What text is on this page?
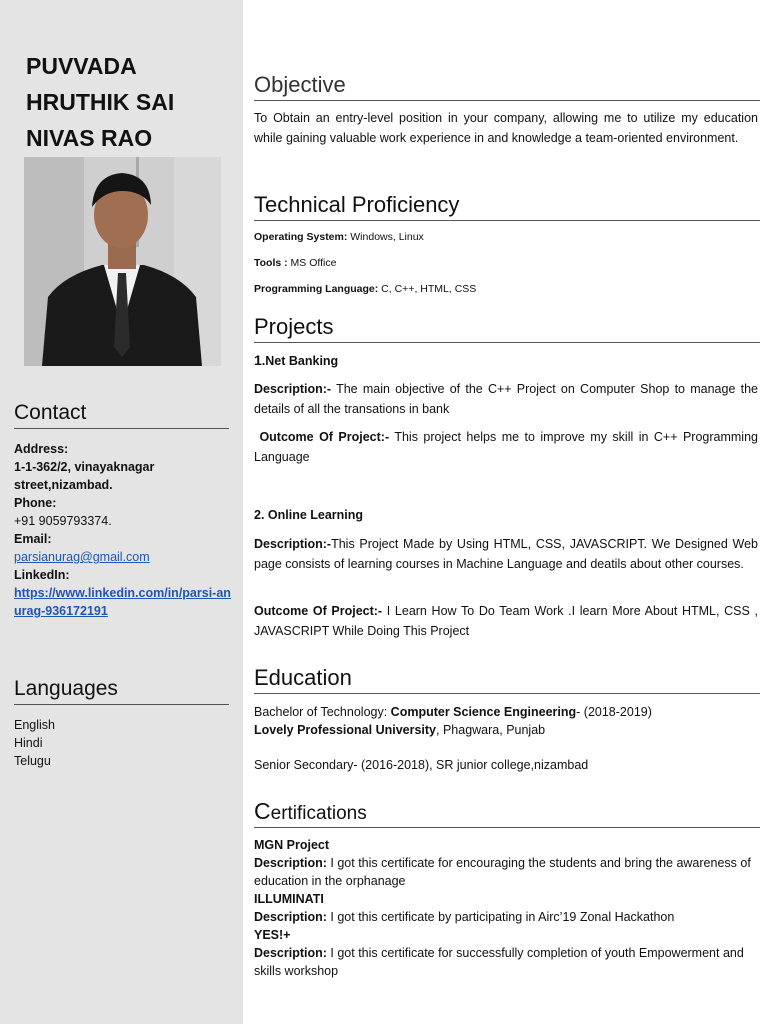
PUVVADA
HRUTHIK SAI
NIVAS RAO
Contact
Address:
1-1-362/2, vinayaknagar
street,nizambad.
Phone:
+91 9059793374.
Email:
parsianurag@gmail.com
LinkedIn:
https://www.linkedin.com/in/parsi-anurag-936172191
Languages
English
Hindi
Telugu
Objective
To Obtain an entry-level position in your company, allowing me to utilize my education while gaining valuable work experience in and knowledge a team-oriented environment.
Technical Proficiency
Operating System: Windows, Linux
Tools : MS Office
Programming Language: C, C++, HTML, CSS
Projects
1.Net Banking
Description:- The main objective of the C++ Project on Computer Shop to manage the details of all the transations in bank
Outcome Of Project:- This project helps me to improve my skill in C++ Programming Language
2. Online Learning
Description:-This Project Made by Using HTML, CSS, JAVASCRIPT. We Designed Web page consists of learning courses in Machine Language and deatils about other courses.
Outcome Of Project:- I Learn How To Do Team Work .I learn More About HTML, CSS , JAVASCRIPT While Doing This Project
Education
Bachelor of Technology: Computer Science Engineering- (2018-2019)
Lovely Professional University, Phagwara, Punjab
Senior Secondary- (2016-2018), SR junior college,nizambad
Certifications
MGN Project
Description: I got this certificate for encouraging the students and bring the awareness of education in the orphanage
ILLUMINATI
Description: I got this certificate by participating in Airc’19 Zonal Hackathon
YES!+
Description: I got this certificate for successfully completion of youth Empowerment and skills workshop
